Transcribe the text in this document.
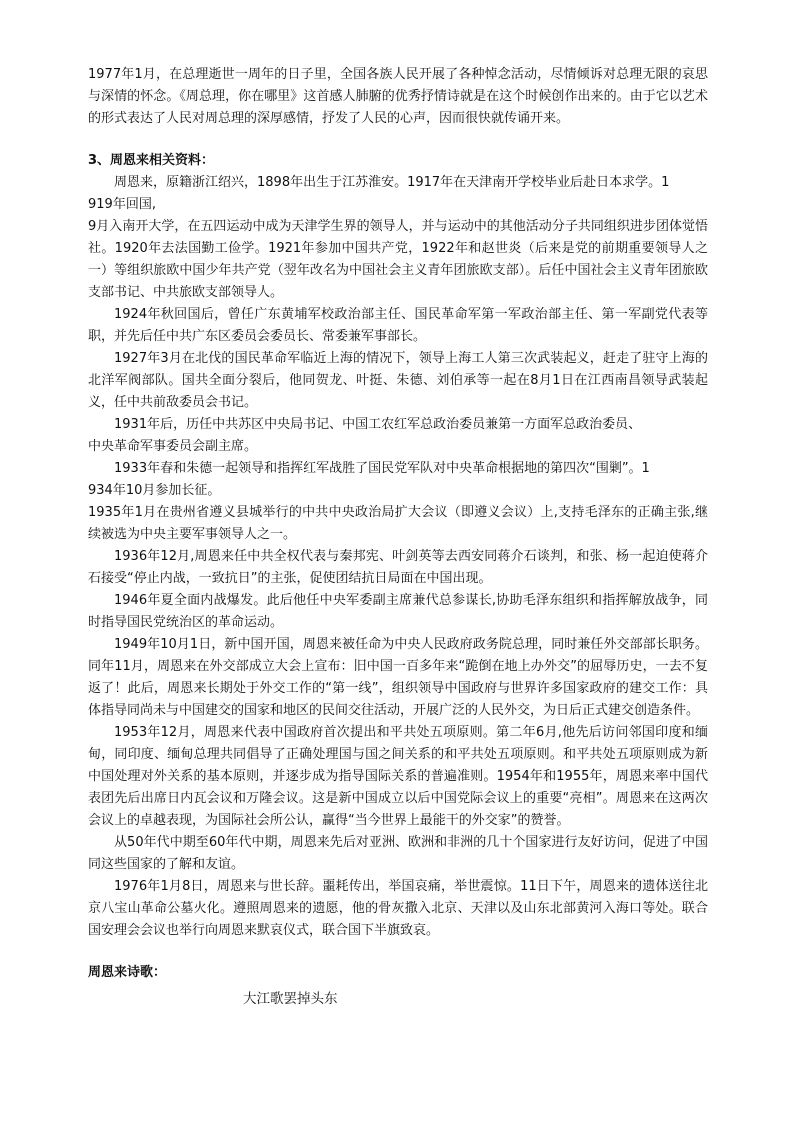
1977年1月，在总理逝世一周年的日子里，全国各族人民开展了各种悼念活动，尽情倾诉对总理无限的哀思与深情的怀念。《周总理，你在哪里》这首感人肺腑的优秀抒情诗就是在这个时候创作出来的。由于它以艺术的形式表达了人民对周总理的深厚感情，抒发了人民的心声，因而很快就传诵开来。

3、周恩来相关资料：

周恩来，原籍浙江绍兴，1898年出生于江苏淮安。1917年在天津南开学校毕业后赴日本求学。1

919年回国,

9月入南开大学，在五四运动中成为天津学生界的领导人，并与运动中的其他活动分子共同组织进步团体觉悟社。1920年去法国勤工俭学。1921年参加中国共产党，1922年和赵世炎（后来是党的前期重要领导人之一）等组织旅欧中国少年共产党（翌年改名为中国社会主义青年团旅欧支部）。后任中国社会主义青年团旅欧支部书记、中共旅欧支部领导人。

1924年秋回国后，曾任广东黄埔军校政治部主任、国民革命军第一军政治部主任、第一军副党代表等职，并先后任中共广东区委员会委员长、常委兼军事部长。

1927年3月在北伐的国民革命军临近上海的情况下，领导上海工人第三次武装起义，赶走了驻守上海的北洋军阀部队。国共全面分裂后，他同贺龙、叶挺、朱德、刘伯承等一起在8月1日在江西南昌领导武装起义，任中共前敌委员会书记。

1931年后，历任中共苏区中央局书记、中国工农红军总政治委员兼第一方面军总政治委员、

中央革命军事委员会副主席。

1933年春和朱德一起领导和指挥红军战胜了国民党军队对中央革命根据地的第四次“围剿”。1

934年10月参加长征。

1935年1月在贵州省遵义县城举行的中共中央政治局扩大会议（即遵义会议）上,支持毛泽东的正确主张,继续被选为中央主要军事领导人之一。

1936年12月,周恩来任中共全权代表与秦邦宪、叶剑英等去西安同蒋介石谈判，和张、杨一起迫使蒋介石接受“停止内战，一致抗日”的主张，促使团结抗日局面在中国出现。

1946年夏全面内战爆发。此后他任中央军委副主席兼代总参谋长,协助毛泽东组织和指挥解放战争，同时指导国民党统治区的革命运动。

1949年10月1日，新中国开国，周恩来被任命为中央人民政府政务院总理，同时兼任外交部部长职务。同年11月，周恩来在外交部成立大会上宣布：旧中国一百多年来“跪倒在地上办外交”的屈辱历史，一去不复返了！此后，周恩来长期处于外交工作的“第一线”，组织领导中国政府与世界许多国家政府的建交工作：具体指导同尚未与中国建交的国家和地区的民间交往活动，开展广泛的人民外交，为日后正式建交创造条件。

1953年12月，周恩来代表中国政府首次提出和平共处五项原则。第二年6月,他先后访问邻国印度和缅甸，同印度、缅甸总理共同倡导了正确处理国与国之间关系的和平共处五项原则。和平共处五项原则成为新中国处理对外关系的基本原则，并逐步成为指导国际关系的普遍准则。1954年和1955年，周恩来率中国代表团先后出席日内瓦会议和万隆会议。这是新中国成立以后中国党际会议上的重要“亮相”。周恩来在这两次会议上的卓越表现，为国际社会所公认，赢得“当今世界上最能干的外交家”的赞誉。

从50年代中期至60年代中期，周恩来先后对亚洲、欧洲和非洲的几十个国家进行友好访问，促进了中国同这些国家的了解和友谊。

1976年1月8日，周恩来与世长辞。噩耗传出，举国哀痛，举世震惊。11日下午，周恩来的遗体送往北京八宝山革命公墓火化。遵照周恩来的遗愿，他的骨灰撒入北京、天津以及山东北部黄河入海口等处。联合国安理会会议也举行向周恩来默哀仪式，联合国下半旗致哀。

周恩来诗歌：

大江歌罢掉头东
